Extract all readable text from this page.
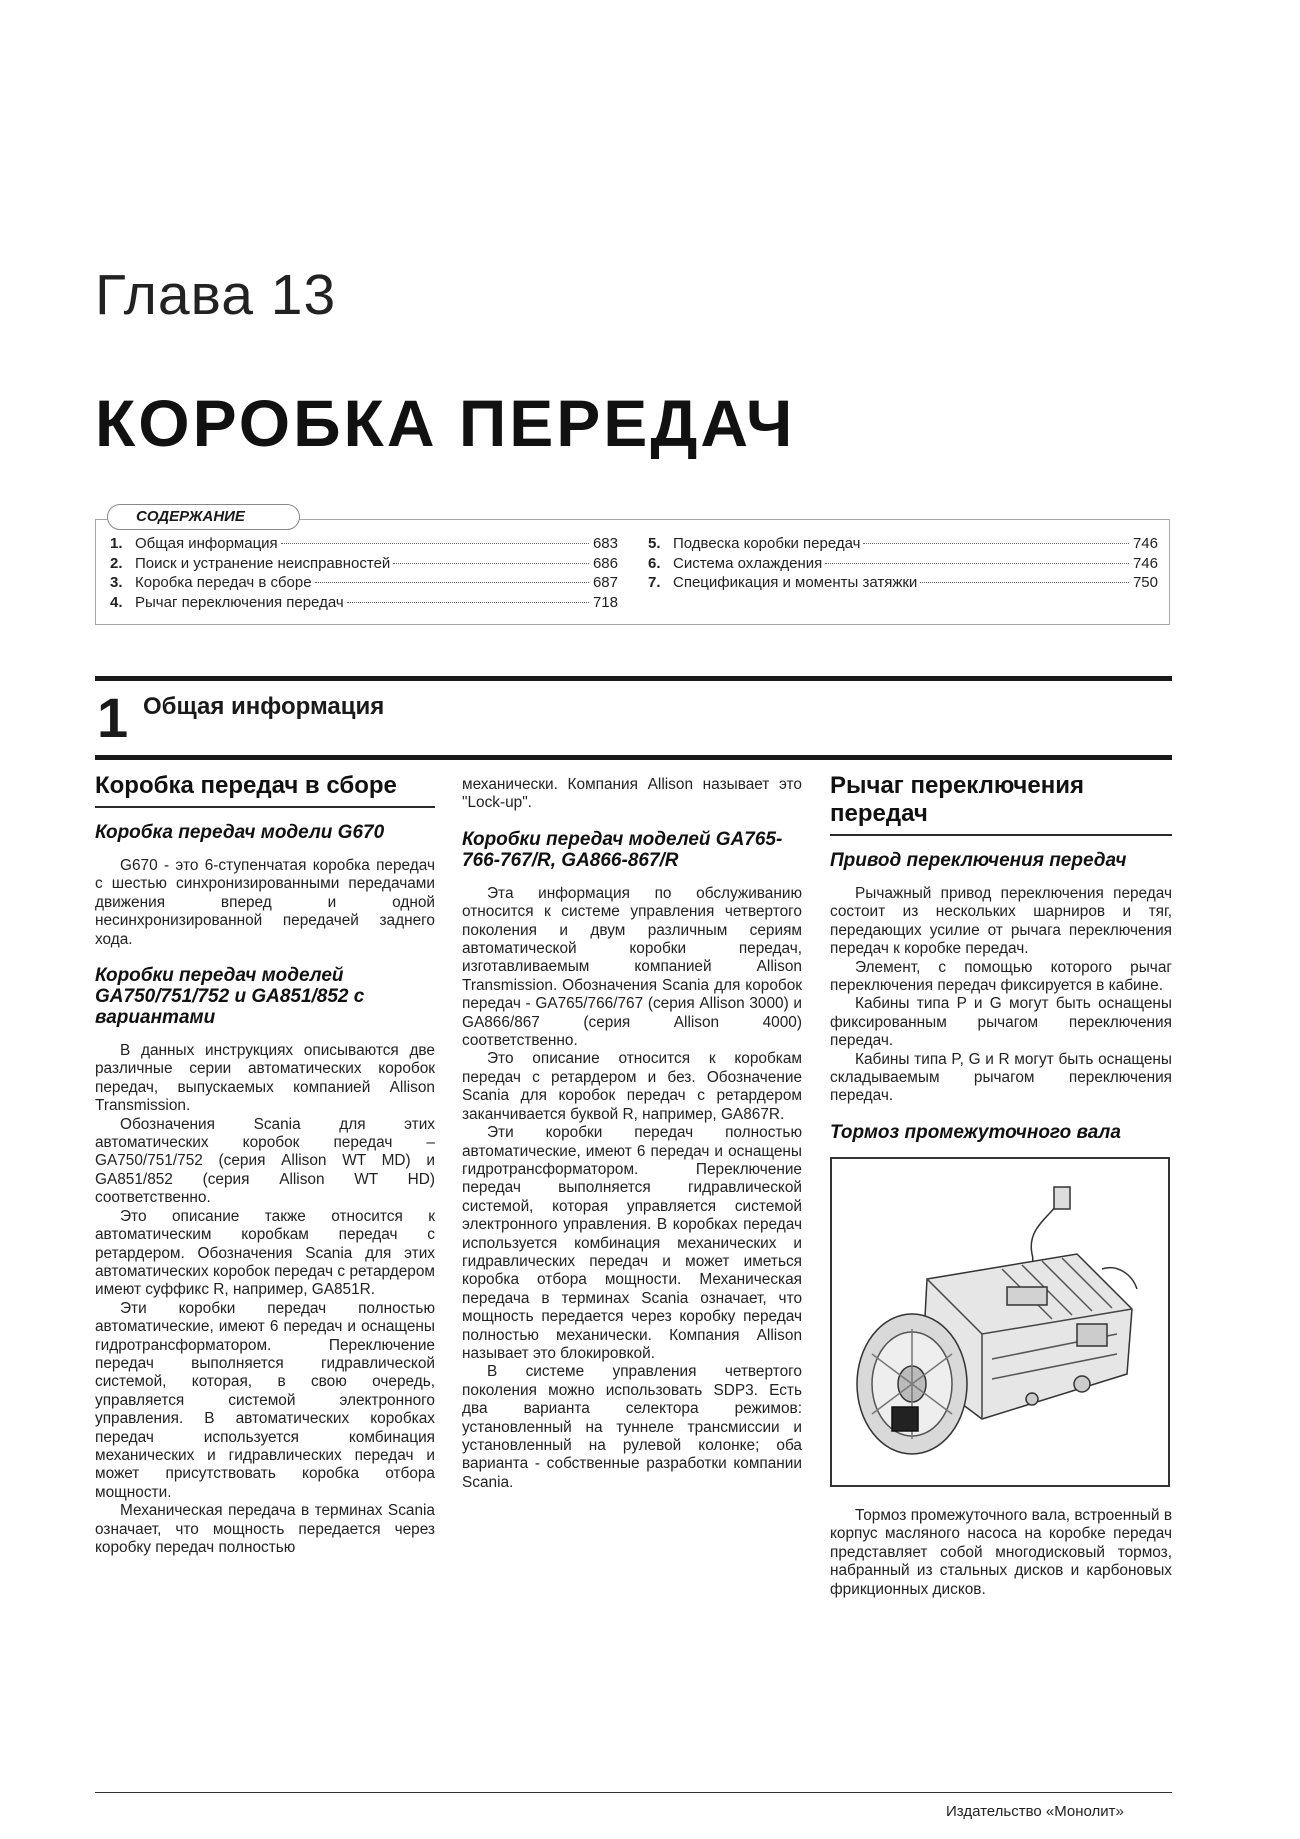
Глава 13
КОРОБКА ПЕРЕДАЧ
СОДЕРЖАНИЕ
1. Общая информация	683
2. Поиск и устранение неисправностей	686
3. Коробка передач в сборе	687
4. Рычаг переключения передач	718
5. Подвеска коробки передач	746
6. Система охлаждения	746
7. Спецификация и моменты затяжки	750
1 Общая информация
Коробка передач в сборе
Коробка передач модели G670

G670 - это 6-ступенчатая коробка передач с шестью синхронизированными передачами движения вперед и одной несинхронизированной передачей заднего хода.

Коробки передач моделей GA750/751/752 и GA851/852 с вариантами

В данных инструкциях описываются две различные серии автоматических коробок передач, выпускаемых компанией Allison Transmission.

Обозначения Scania для этих автоматических коробок передач – GA750/751/752 (серия Allison WT MD) и GA851/852 (серия Allison WT HD) соответственно.

Это описание также относится к автоматическим коробкам передач с ретардером. Обозначения Scania для этих автоматических коробок передач с ретардером имеют суффикс R, например, GA851R.

Эти коробки передач полностью автоматические, имеют 6 передач и оснащены гидротрансформатором. Переключение передач выполняется гидравлической системой, которая, в свою очередь, управляется системой электронного управления. В автоматических коробках передач используется комбинация механических и гидравлических передач и может присутствовать коробка отбора мощности.

Механическая передача в терминах Scania означает, что мощность передается через коробку передач полностью

механически. Компания Allison называет это "Lock-up".

Коробки передач моделей GA765-766-767/R, GA866-867/R

Эта информация по обслуживанию относится к системе управления четвертого поколения и двум различным сериям автоматической коробки передач, изготавливаемым компанией Allison Transmission. Обозначения Scania для коробок передач - GA765/766/767 (серия Allison 3000) и GA866/867 (серия Allison 4000) соответственно.

Это описание относится к коробкам передач с ретардером и без. Обозначение Scania для коробок передач с ретардером заканчивается буквой R, например, GA867R.

Эти коробки передач полностью автоматические, имеют 6 передач и оснащены гидротрансформатором. Переключение передач выполняется гидравлической системой, которая управляется системой электронного управления. В коробках передач используется комбинация механических и гидравлических передач и может иметься коробка отбора мощности. Механическая передача в терминах Scania означает, что мощность передается через коробку передач полностью механически. Компания Allison называет это блокировкой.

В системе управления четвертого поколения можно использовать SDP3. Есть два варианта селектора режимов: установленный на туннеле трансмиссии и установленный на рулевой колонке; оба варианта - собственные разработки компании Scania.

Рычаг переключения передач
Привод переключения передач

Рычажный привод переключения передач состоит из нескольких шарниров и тяг, передающих усилие от рычага переключения передач к коробке передач.

Элемент, с помощью которого рычаг переключения передач фиксируется в кабине.

Кабины типа P и G могут быть оснащены фиксированным рычагом переключения передач.

Кабины типа P, G и R могут быть оснащены складываемым рычагом переключения передач.

Тормоз промежуточного вала

Тормоз промежуточного вала, встроенный в корпус масляного насоса на коробке передач представляет собой многодисковый тормоз, набранный из стальных дисков и карбоновых фрикционных дисков.

Издательство «Монолит»
